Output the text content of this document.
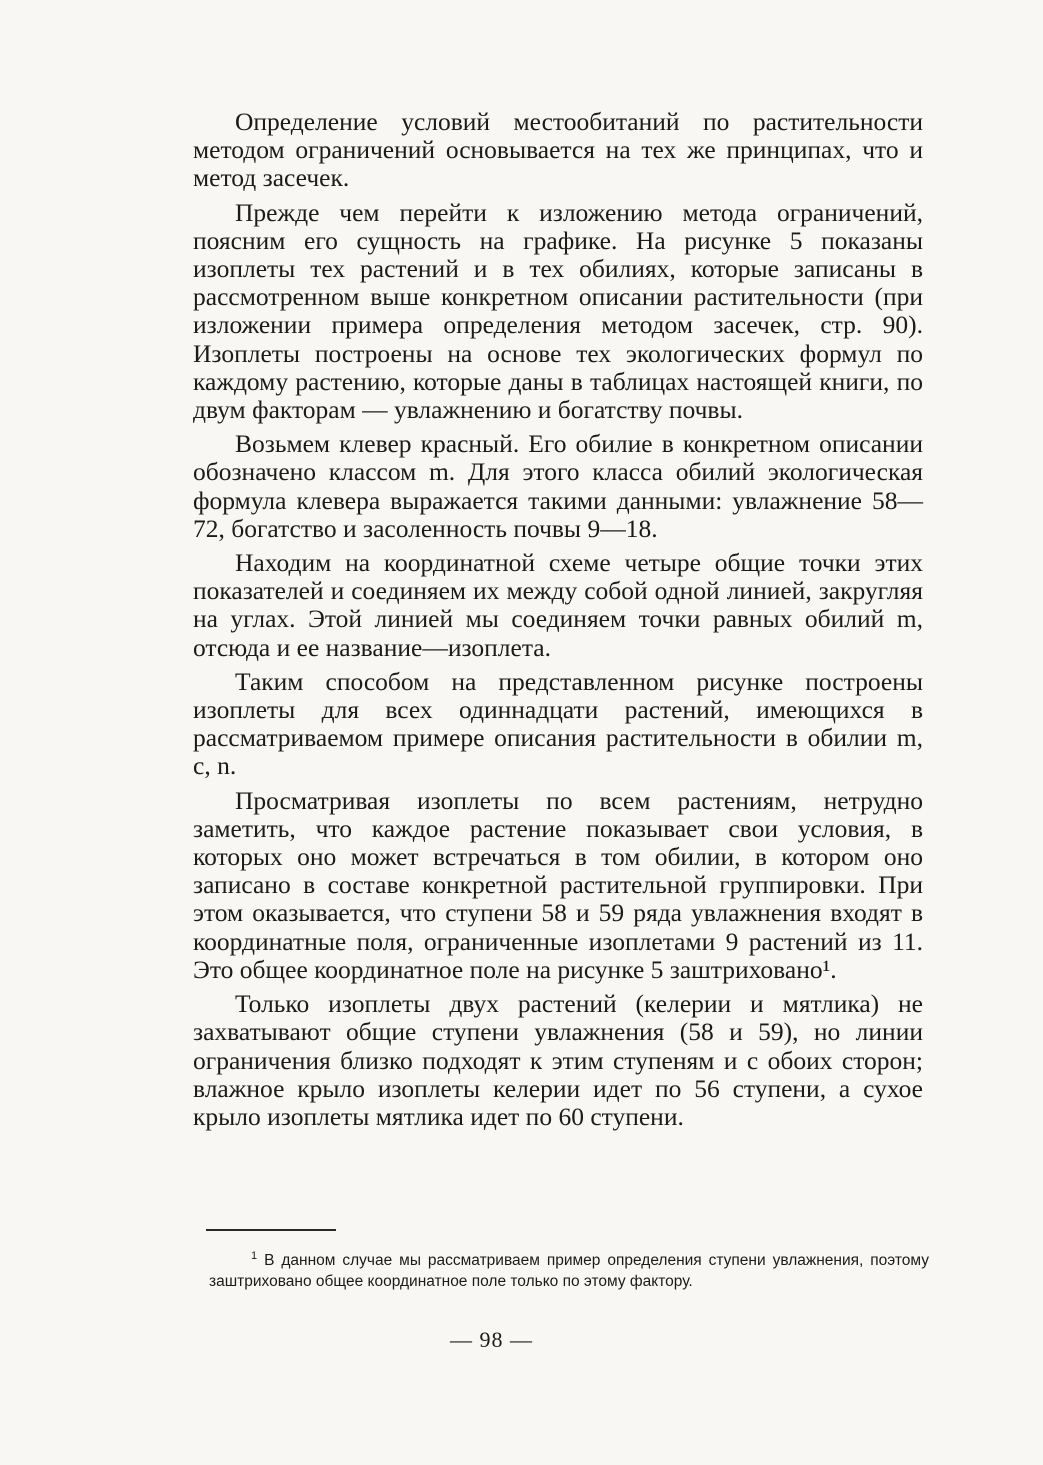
Определение условий местообитаний по растительности методом ограничений основывается на тех же принципах, что и метод засечек.

Прежде чем перейти к изложению метода ограничений, поясним его сущность на графике. На рисунке 5 показаны изоплеты тех растений и в тех обилиях, которые записаны в рассмотренном выше конкретном описании растительности (при изложении примера определения методом засечек, стр. 90). Изоплеты построены на основе тех экологических формул по каждому растению, которые даны в таблицах настоящей книги, по двум факторам — увлажнению и богатству почвы.

Возьмем клевер красный. Его обилие в конкретном описании обозначено классом m. Для этого класса обилий экологическая формула клевера выражается такими данными: увлажнение 58—72, богатство и засоленность почвы 9—18.

Находим на координатной схеме четыре общие точки этих показателей и соединяем их между собой одной линией, закругляя на углах. Этой линией мы соединяем точки равных обилий m, отсюда и ее название—изоплета.

Таким способом на представленном рисунке построены изоплеты для всех одиннадцати растений, имеющихся в рассматриваемом примере описания растительности в обилии m, c, n.

Просматривая изоплеты по всем растениям, нетрудно заметить, что каждое растение показывает свои условия, в которых оно может встречаться в том обилии, в котором оно записано в составе конкретной растительной группировки. При этом оказывается, что ступени 58 и 59 ряда увлажнения входят в координатные поля, ограниченные изоплетами 9 растений из 11. Это общее координатное поле на рисунке 5 заштриховано¹.

Только изоплеты двух растений (келерии и мятлика) не захватывают общие ступени увлажнения (58 и 59), но линии ограничения близко подходят к этим ступеням и с обоих сторон; влажное крыло изоплеты келерии идет по 56 ступени, а сухое крыло изоплеты мятлика идет по 60 ступени.

$^1$ В данном случае мы рассматриваем пример определения ступени увлажнения, поэтому заштриховано общее координатное поле только по этому фактору.

— 98 —
